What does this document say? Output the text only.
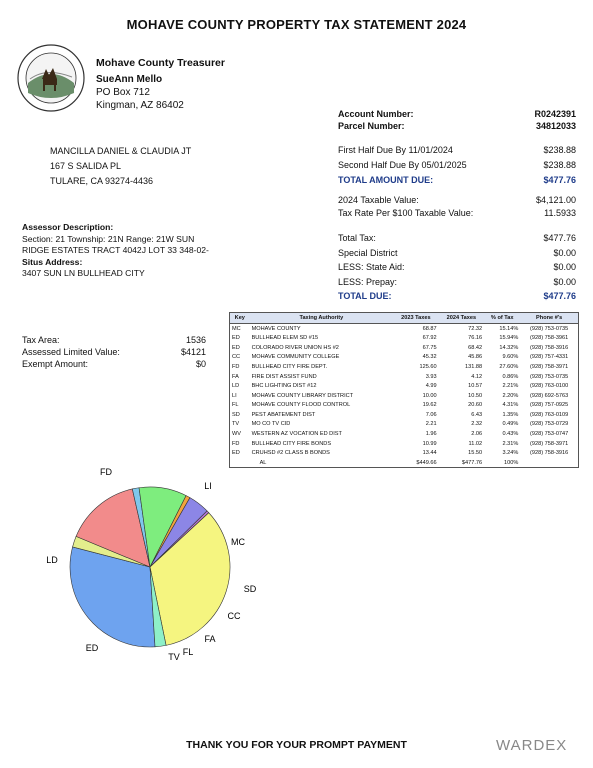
MOHAVE COUNTY PROPERTY TAX STATEMENT 2024
Mohave County Treasurer
SueAnn Mello
PO Box 712
Kingman, AZ 86402
Account Number:	R0242391
Parcel Number:	34812033
MANCILLA DANIEL & CLAUDIA JT
167 S SALIDA PL
TULARE, CA 93274-4436
First Half Due By 11/01/2024	$238.88
Second Half Due By 05/01/2025	$238.88
TOTAL AMOUNT DUE:	$477.76
2024 Taxable Value:	$4,121.00
Tax Rate Per $100 Taxable Value:	11.5933
Assessor Description:
Section: 21 Township: 21N Range: 21W SUN
RIDGE ESTATES TRACT 4042J LOT 33 348-02-
Situs Address:
3407 SUN LN BULLHEAD CITY
Total Tax:	$477.76
Special District	$0.00
LESS: State Aid:	$0.00
LESS: Prepay:	$0.00
TOTAL DUE:	$477.76
Tax Area:	1536
Assessed Limited Value:	$4121
Exempt Amount:	$0
Key	Taxing Authority	2023 Taxes	2024 Taxes	% of Tax	Phone #'s
MC	MOHAVE COUNTY	68.87	72.32	15.14%	(928) 753-0735
ED	BULLHEAD ELEM SD #15	67.92	76.16	15.94%	(928) 758-3961
ED	COLORADO RIVER UNION HS #2	67.75	68.42	14.32%	(928) 758-3916
CC	MOHAVE COMMUNITY COLLEGE	45.32	45.86	9.60%	(928) 757-4331
FD	BULLHEAD CITY FIRE DEPT.	125.60	131.88	27.60%	(928) 758-3971
FA	FIRE DIST ASSIST FUND	3.93	4.12	0.86%	(928) 753-0735
LD	BHC LIGHTING DIST #12	4.99	10.57	2.21%	(928) 763-0100
LI	MOHAVE COUNTY LIBRARY DISTRICT	10.00	10.50	2.20%	(928) 692-5763
FL	MOHAVE COUNTY FLOOD CONTROL	19.62	20.60	4.31%	(928) 757-0925
SD	PEST ABATEMENT DIST	7.06	6.43	1.35%	(928) 763-0109
TV	MO CO TV CID	2.21	2.32	0.49%	(928) 753-0729
WV	WESTERN AZ VOCATION ED DIST	1.96	2.06	0.43%	(928) 753-0747
FD	BULLHEAD CITY FIRE BONDS	10.99	11.02	2.31%	(928) 758-3971
ED	CRUHSD #2 CLASS B BONDS	13.44	15.50	3.24%	(928) 758-3916
	AL	$449.66	$477.76	100%	
FD
LI
MC
SD
CC
FA
FL
TV
ED
LD
THANK YOU FOR YOUR PROMPT PAYMENT	WARDEX
